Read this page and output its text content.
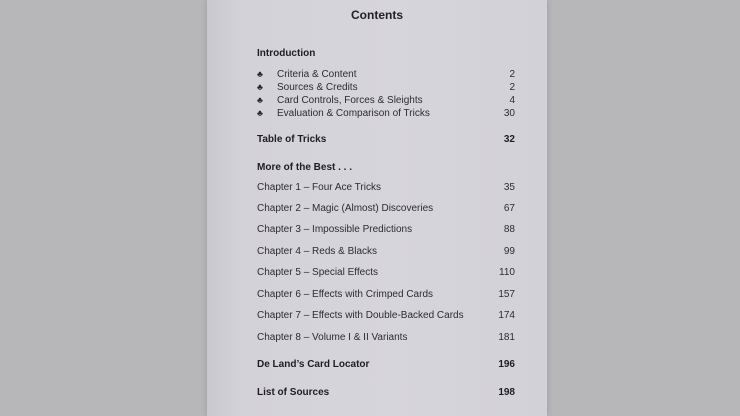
Contents
Introduction
♣ Criteria & Content	2
♣ Sources & Credits	2
♣ Card Controls, Forces & Sleights	4
♣ Evaluation & Comparison of Tricks	30
Table of Tricks	32
More of the Best . . .
Chapter 1 – Four Ace Tricks	35
Chapter 2 – Magic (Almost) Discoveries	67
Chapter 3 – Impossible Predictions	88
Chapter 4 – Reds & Blacks	99
Chapter 5 – Special Effects	110
Chapter 6 – Effects with Crimped Cards	157
Chapter 7 – Effects with Double-Backed Cards	174
Chapter 8 – Volume I & II Variants	181
De Land’s Card Locator	196
List of Sources	198
